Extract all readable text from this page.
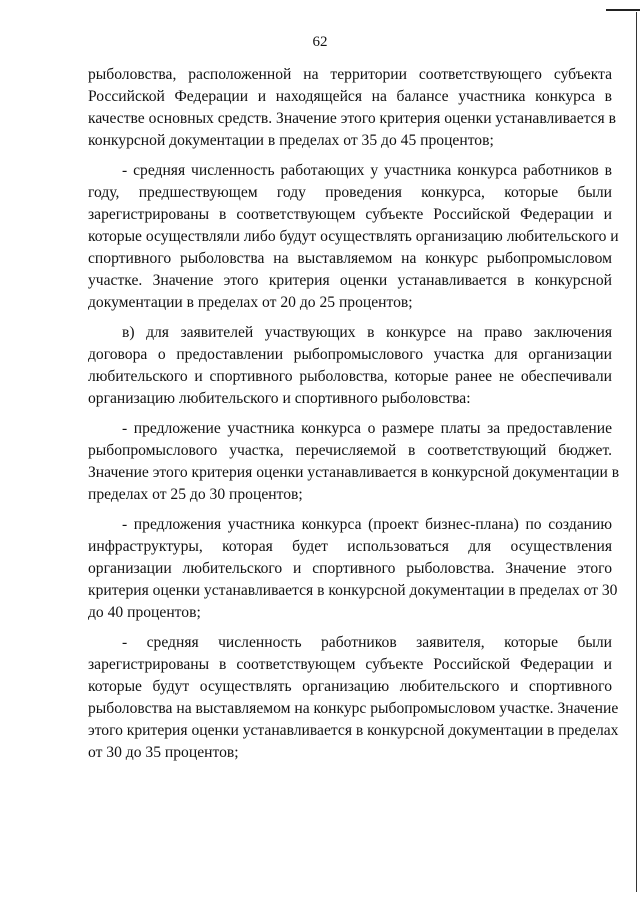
62
рыболовства, расположенной на территории соответствующего субъекта
Российской Федерации и находящейся на балансе участника конкурса в
качестве основных средств. Значение этого критерия оценки устанавливается в
конкурсной документации в пределах от 35 до 45 процентов;
- средняя численность работающих у участника конкурса работников в
году, предшествующем году проведения конкурса, которые были
зарегистрированы в соответствующем субъекте Российской Федерации и
которые осуществляли либо будут осуществлять организацию любительского и
спортивного рыболовства на выставляемом на конкурс рыбопромысловом
участке. Значение этого критерия оценки устанавливается в конкурсной
документации в пределах от 20 до 25 процентов;
в) для заявителей участвующих в конкурсе на право заключения
договора о предоставлении рыбопромыслового участка для организации
любительского и спортивного рыболовства, которые ранее не обеспечивали
организацию любительского и спортивного рыболовства:
- предложение участника конкурса о размере платы за предоставление
рыбопромыслового участка, перечисляемой в соответствующий бюджет.
Значение этого критерия оценки устанавливается в конкурсной документации в
пределах от 25 до 30 процентов;
- предложения участника конкурса (проект бизнес-плана) по созданию
инфраструктуры, которая будет использоваться для осуществления
организации любительского и спортивного рыболовства. Значение этого
критерия оценки устанавливается в конкурсной документации в пределах от 30
до 40 процентов;
- средняя численность работников заявителя, которые были
зарегистрированы в соответствующем субъекте Российской Федерации и
которые будут осуществлять организацию любительского и спортивного
рыболовства на выставляемом на конкурс рыбопромысловом участке. Значение
этого критерия оценки устанавливается в конкурсной документации в пределах
от 30 до 35 процентов;
